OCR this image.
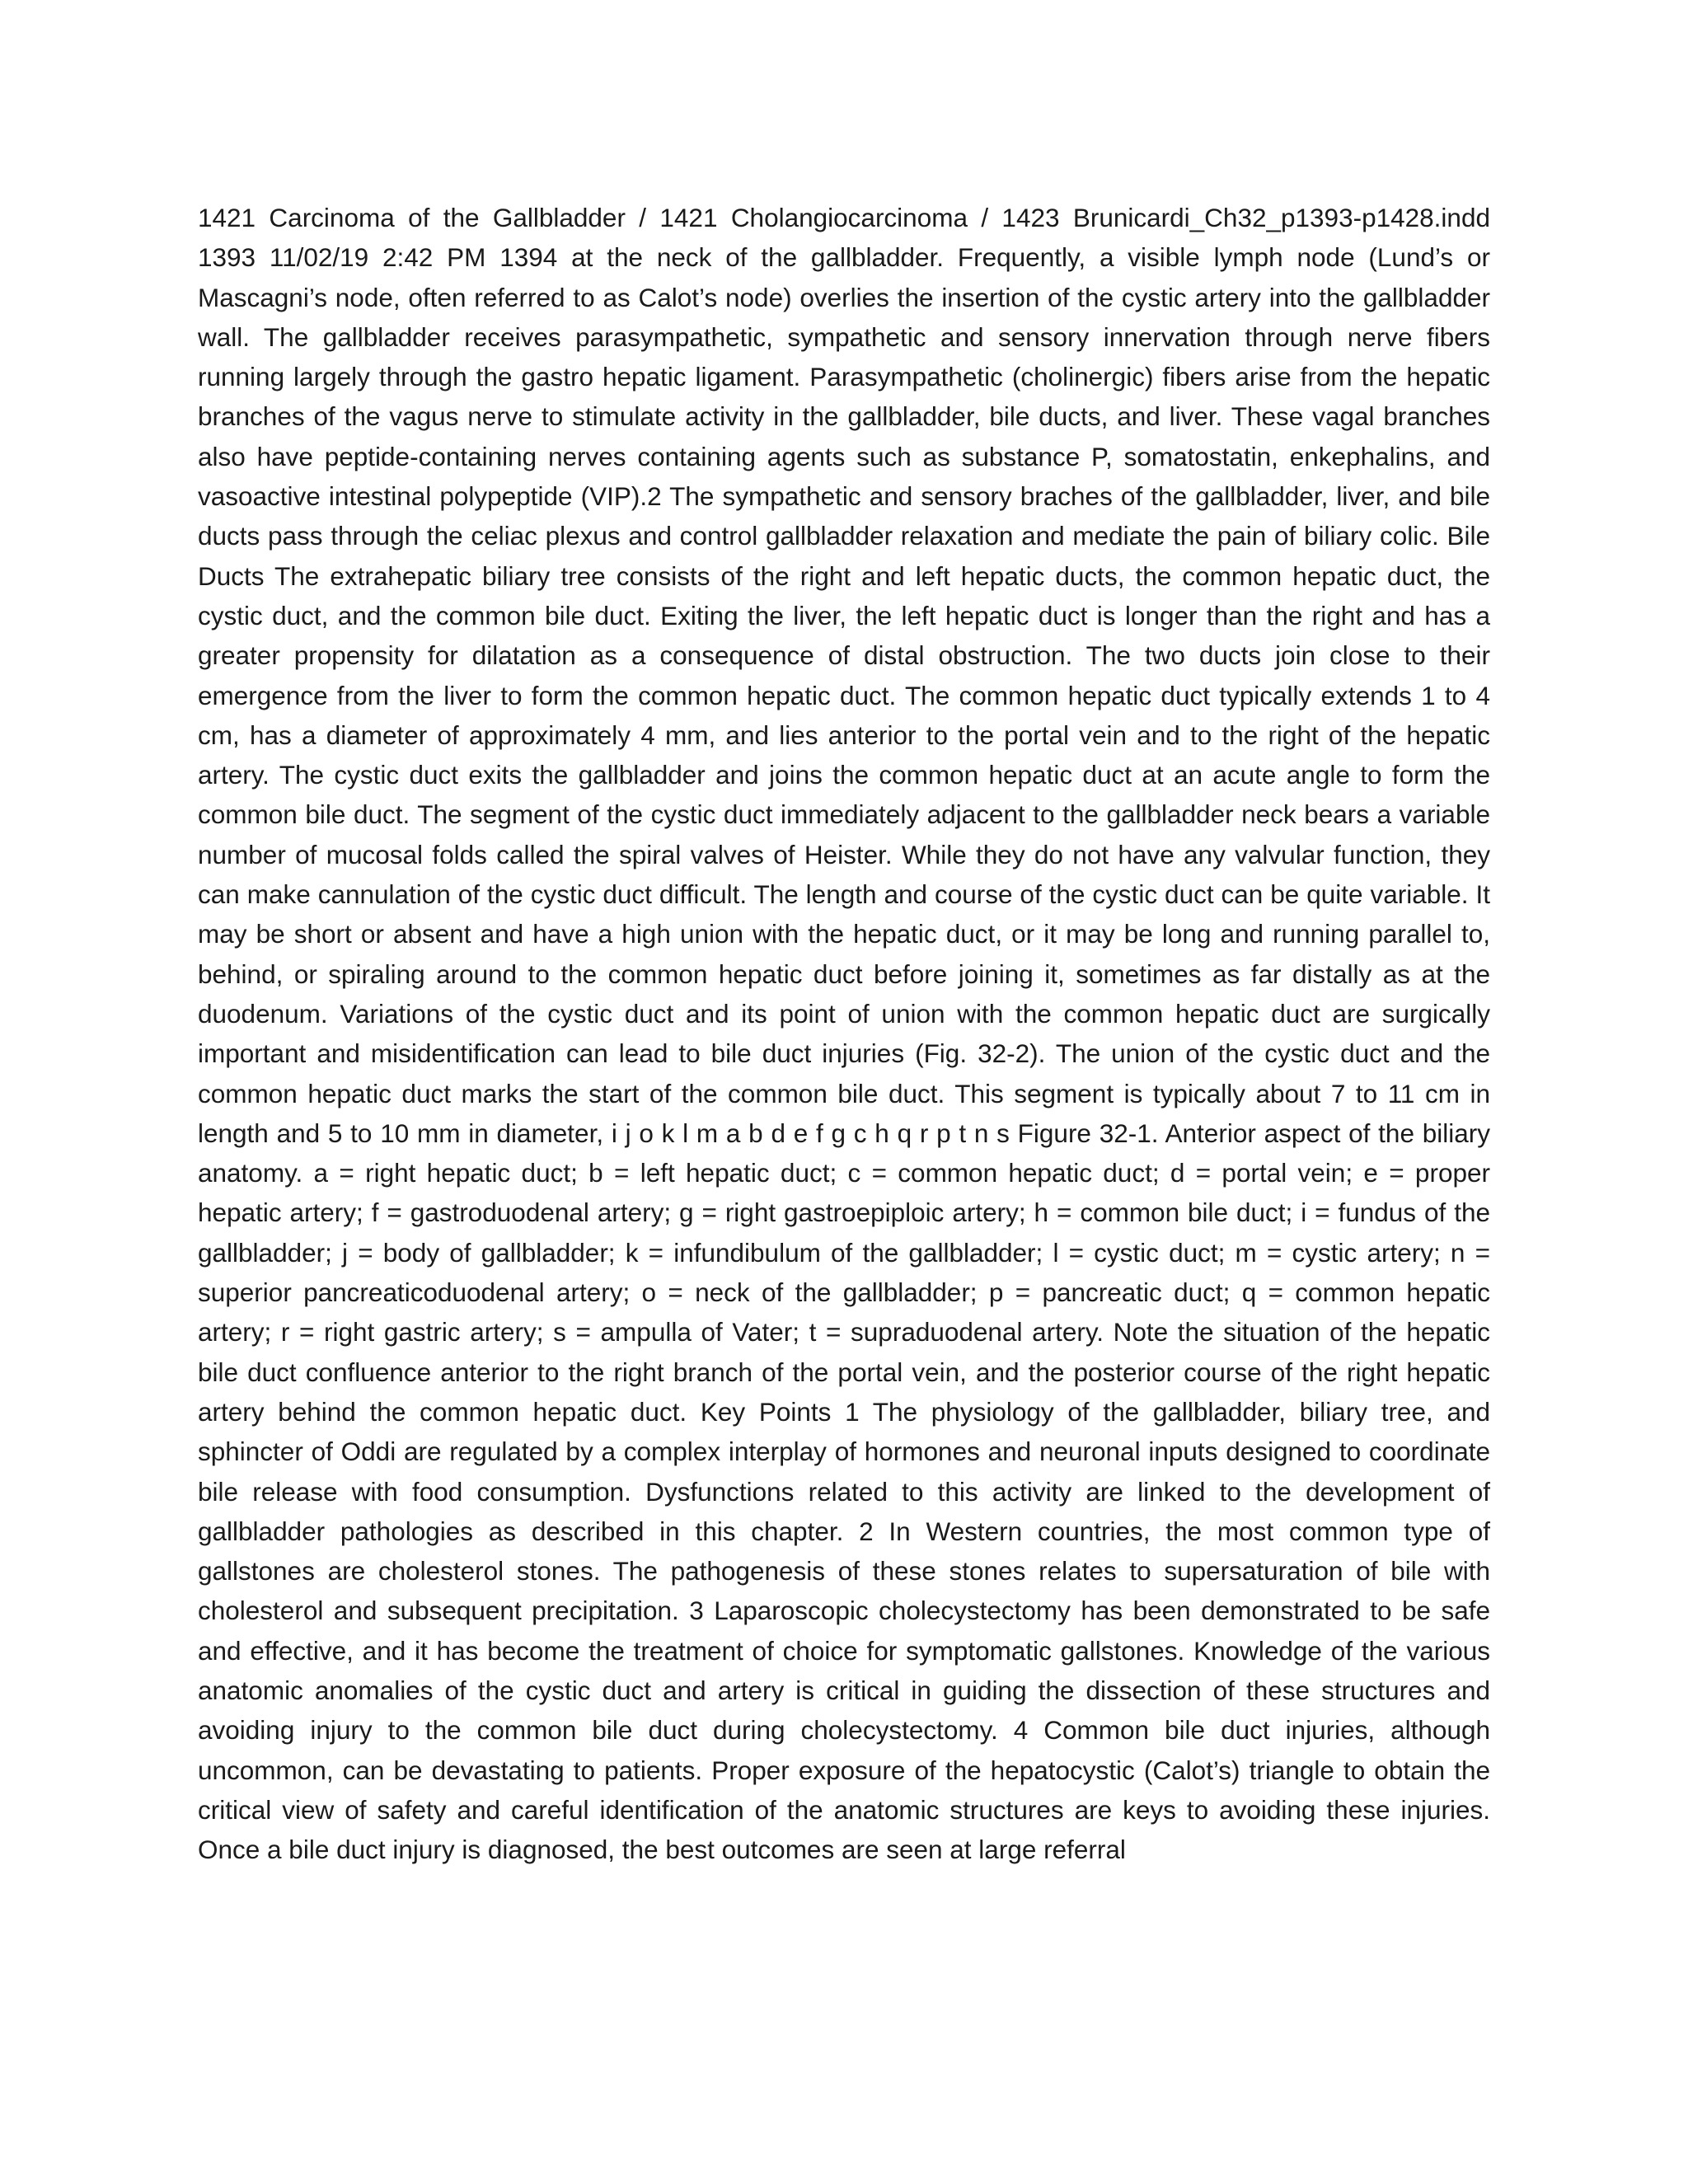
1421 Carcinoma of the Gallbladder / 1421 Cholangiocarcinoma / 1423 Brunicardi_Ch32_p1393-p1428.indd 1393 11/02/19 2:42 PM 1394 at the neck of the gallbladder. Frequently, a visible lymph node (Lund’s or Mascagni’s node, often referred to as Calot’s node) overlies the insertion of the cystic artery into the gallbladder wall. The gallbladder receives parasympathetic, sympathetic and sensory innervation through nerve fibers running largely through the gastro hepatic ligament. Parasympathetic (cholinergic) fibers arise from the hepatic branches of the vagus nerve to stimulate activity in the gallbladder, bile ducts, and liver. These vagal branches also have peptide-containing nerves containing agents such as substance P, somatostatin, enkephalins, and vasoactive intestinal polypeptide (VIP).2 The sympathetic and sensory braches of the gallbladder, liver, and bile ducts pass through the celiac plexus and control gallbladder relaxation and mediate the pain of biliary colic. Bile Ducts The extrahepatic biliary tree consists of the right and left hepatic ducts, the common hepatic duct, the cystic duct, and the common bile duct. Exiting the liver, the left hepatic duct is longer than the right and has a greater propensity for dilatation as a consequence of distal obstruction. The two ducts join close to their emergence from the liver to form the common hepatic duct. The common hepatic duct typically extends 1 to 4 cm, has a diameter of approximately 4 mm, and lies anterior to the portal vein and to the right of the hepatic artery. The cystic duct exits the gallbladder and joins the common hepatic duct at an acute angle to form the common bile duct. The segment of the cystic duct immediately adjacent to the gallbladder neck bears a variable number of mucosal folds called the spiral valves of Heister. While they do not have any valvular function, they can make cannulation of the cystic duct difficult. The length and course of the cystic duct can be quite variable. It may be short or absent and have a high union with the hepatic duct, or it may be long and running parallel to, behind, or spiraling around to the common hepatic duct before joining it, sometimes as far distally as at the duodenum. Variations of the cystic duct and its point of union with the common hepatic duct are surgically important and misidentification can lead to bile duct injuries (Fig. 32-2). The union of the cystic duct and the common hepatic duct marks the start of the common bile duct. This segment is typically about 7 to 11 cm in length and 5 to 10 mm in diameter, i j o k l m a b d e f g c h q r p t n s Figure 32-1. Anterior aspect of the biliary anatomy. a = right hepatic duct; b = left hepatic duct; c = common hepatic duct; d = portal vein; e = proper hepatic artery; f = gastroduodenal artery; g = right gastroepiploic artery; h = common bile duct; i = fundus of the gallbladder; j = body of gallbladder; k = infundibulum of the gallbladder; l = cystic duct; m = cystic artery; n = superior pancreaticoduodenal artery; o = neck of the gallbladder; p = pancreatic duct; q = common hepatic artery; r = right gastric artery; s = ampulla of Vater; t = supraduodenal artery. Note the situation of the hepatic bile duct confluence anterior to the right branch of the portal vein, and the posterior course of the right hepatic artery behind the common hepatic duct. Key Points 1 The physiology of the gallbladder, biliary tree, and sphincter of Oddi are regulated by a complex interplay of hormones and neuronal inputs designed to coordinate bile release with food consumption. Dysfunctions related to this activity are linked to the development of gallbladder pathologies as described in this chapter. 2 In Western countries, the most common type of gallstones are cholesterol stones. The pathogenesis of these stones relates to supersaturation of bile with cholesterol and subsequent precipitation. 3 Laparoscopic cholecystectomy has been demonstrated to be safe and effective, and it has become the treatment of choice for symptomatic gallstones. Knowledge of the various anatomic anomalies of the cystic duct and artery is critical in guiding the dissection of these structures and avoiding injury to the common bile duct during cholecystectomy. 4 Common bile duct injuries, although uncommon, can be devastating to patients. Proper exposure of the hepatocystic (Calot’s) triangle to obtain the critical view of safety and careful identification of the anatomic structures are keys to avoiding these injuries. Once a bile duct injury is diagnosed, the best outcomes are seen at large referral
